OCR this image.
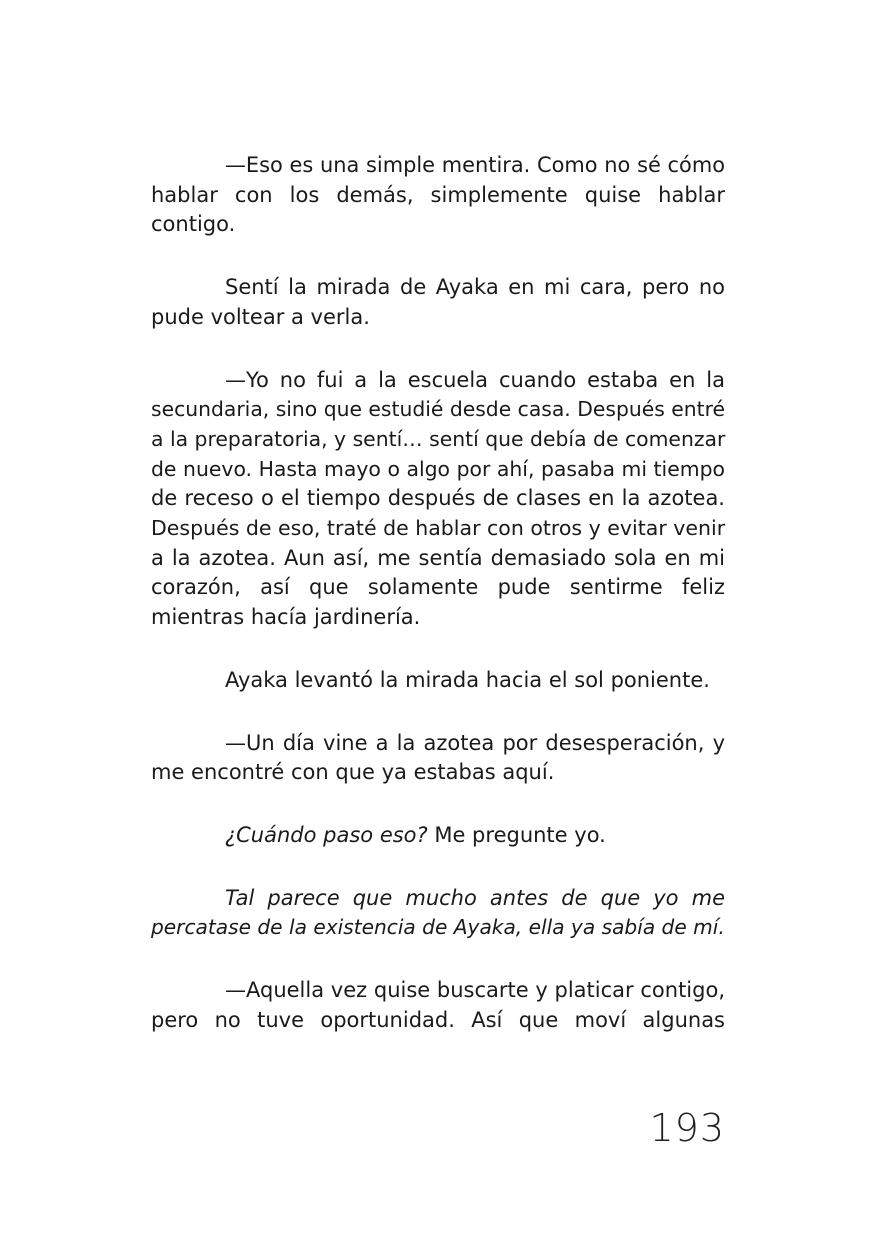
—Eso es una simple mentira. Como no sé cómo
hablar con los demás, simplemente quise hablar
contigo.
Sentí la mirada de Ayaka en mi cara, pero no
pude voltear a verla.
—Yo no fui a la escuela cuando estaba en la
secundaria, sino que estudié desde casa. Después entré
a la preparatoria, y sentí… sentí que debía de comenzar
de nuevo. Hasta mayo o algo por ahí, pasaba mi tiempo
de receso o el tiempo después de clases en la azotea.
Después de eso, traté de hablar con otros y evitar venir
a la azotea. Aun así, me sentía demasiado sola en mi
corazón, así que solamente pude sentirme feliz
mientras hacía jardinería.
Ayaka levantó la mirada hacia el sol poniente.
—Un día vine a la azotea por desesperación, y
me encontré con que ya estabas aquí.
¿Cuándo paso eso? Me pregunte yo.
Tal parece que mucho antes de que yo me
percatase de la existencia de Ayaka, ella ya sabía de mí.
—Aquella vez quise buscarte y platicar contigo,
pero no tuve oportunidad. Así que moví algunas
193
